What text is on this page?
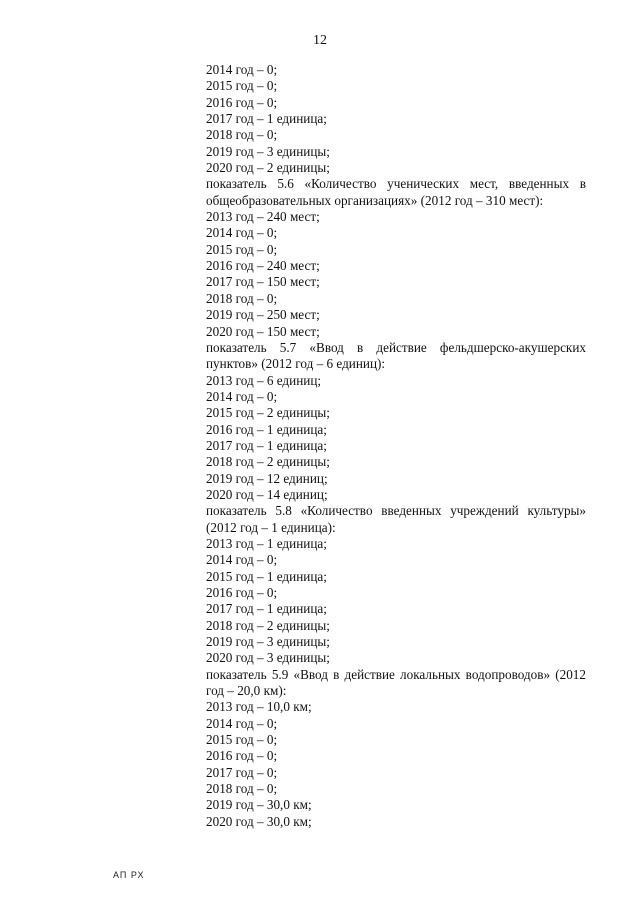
12
2014 год – 0;
2015 год – 0;
2016 год – 0;
2017 год – 1 единица;
2018 год – 0;
2019 год – 3 единицы;
2020 год – 2 единицы;
показатель 5.6 «Количество ученических мест, введенных в общеобразовательных организациях» (2012 год – 310 мест):
2013 год – 240 мест;
2014 год – 0;
2015 год – 0;
2016 год – 240 мест;
2017 год – 150 мест;
2018 год – 0;
2019 год – 250 мест;
2020 год – 150 мест;
показатель 5.7 «Ввод в действие фельдшерско-акушерских пунктов» (2012 год – 6 единиц):
2013 год – 6 единиц;
2014 год – 0;
2015 год – 2 единицы;
2016 год – 1 единица;
2017 год – 1 единица;
2018 год – 2 единицы;
2019 год – 12 единиц;
2020 год – 14 единиц;
показатель 5.8 «Количество введенных учреждений культуры» (2012 год – 1 единица):
2013 год – 1 единица;
2014 год – 0;
2015 год – 1 единица;
2016 год – 0;
2017 год – 1 единица;
2018 год – 2 единицы;
2019 год – 3 единицы;
2020 год – 3 единицы;
показатель 5.9 «Ввод в действие локальных водопроводов» (2012 год – 20,0 км):
2013 год – 10,0 км;
2014 год – 0;
2015 год – 0;
2016 год – 0;
2017 год – 0;
2018 год – 0;
2019 год – 30,0 км;
2020 год – 30,0 км;
АП РХ
